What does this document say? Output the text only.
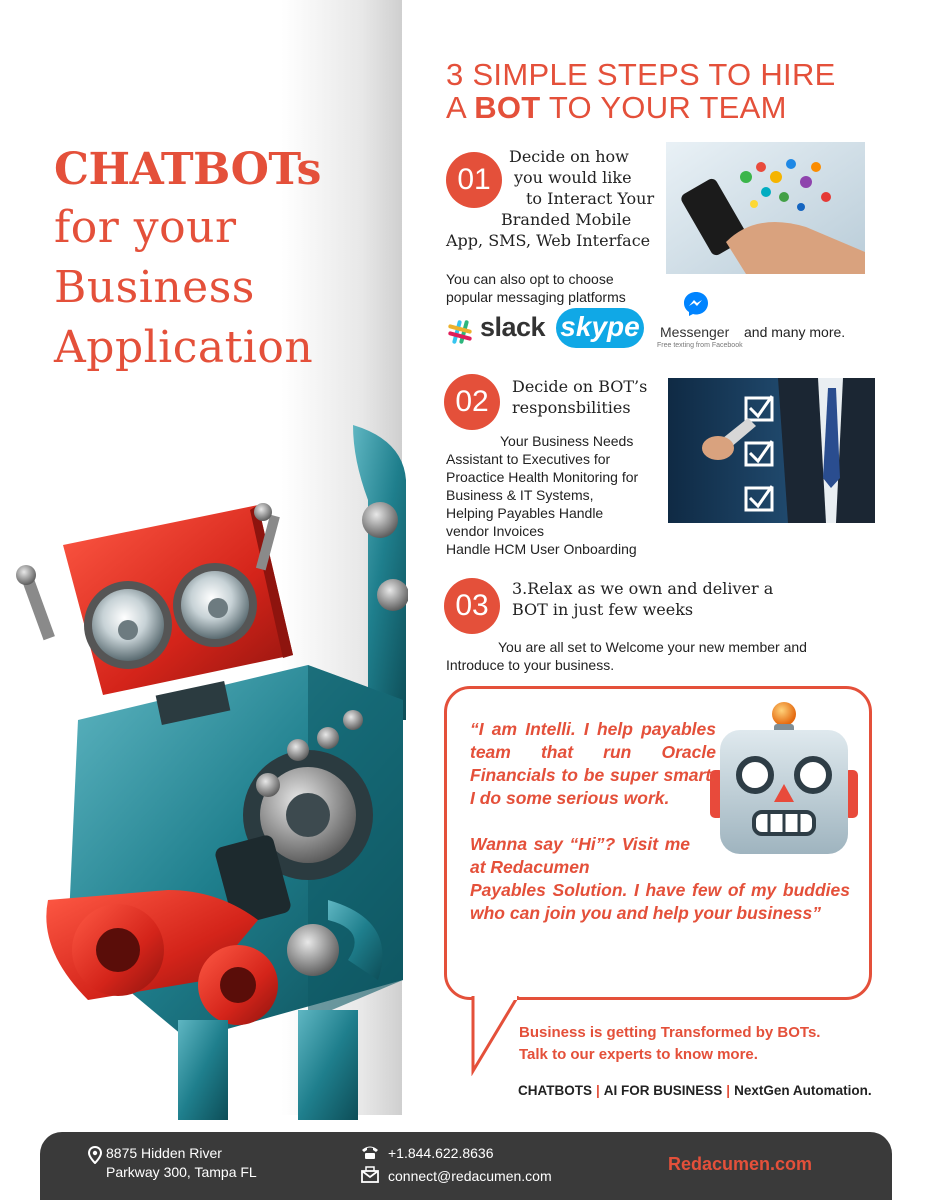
CHATBOTs
for your
Business
Application
3 SIMPLE STEPS TO HIRE
A BOT TO YOUR TEAM
01
Decide on how
you would like
to Interact Your
Branded Mobile
App, SMS, Web Interface
You can also opt to choose
popular messaging platforms
slack skype	Messenger
Free texting from Facebook
and many more.
02	Decide on BOT’s
responsbilities
Your Business Needs
Assistant to Executives for
Proactice Health Monitoring for
Business & IT Systems,
Helping Payables Handle
vendor Invoices
Handle HCM User Onboarding
03
3.Relax as we own and deliver a
BOT in just few weeks
You are all set to Welcome your new member and
Introduce to your business.
“I am Intelli. I help payables team that run Oracle Financials to be super smart. I do some serious work.
Wanna say “Hi”? Visit me at Redacumen
Payables Solution. I have few of my buddies who can join you and help your business”
Business is getting Transformed by BOTs.
Talk to our experts to know more.
CHATBOTS | AI FOR BUSINESS | NextGen Automation.
8875 Hidden River
Parkway 300, Tampa FL
+1.844.622.8636
connect@redacumen.com
Redacumen.com
